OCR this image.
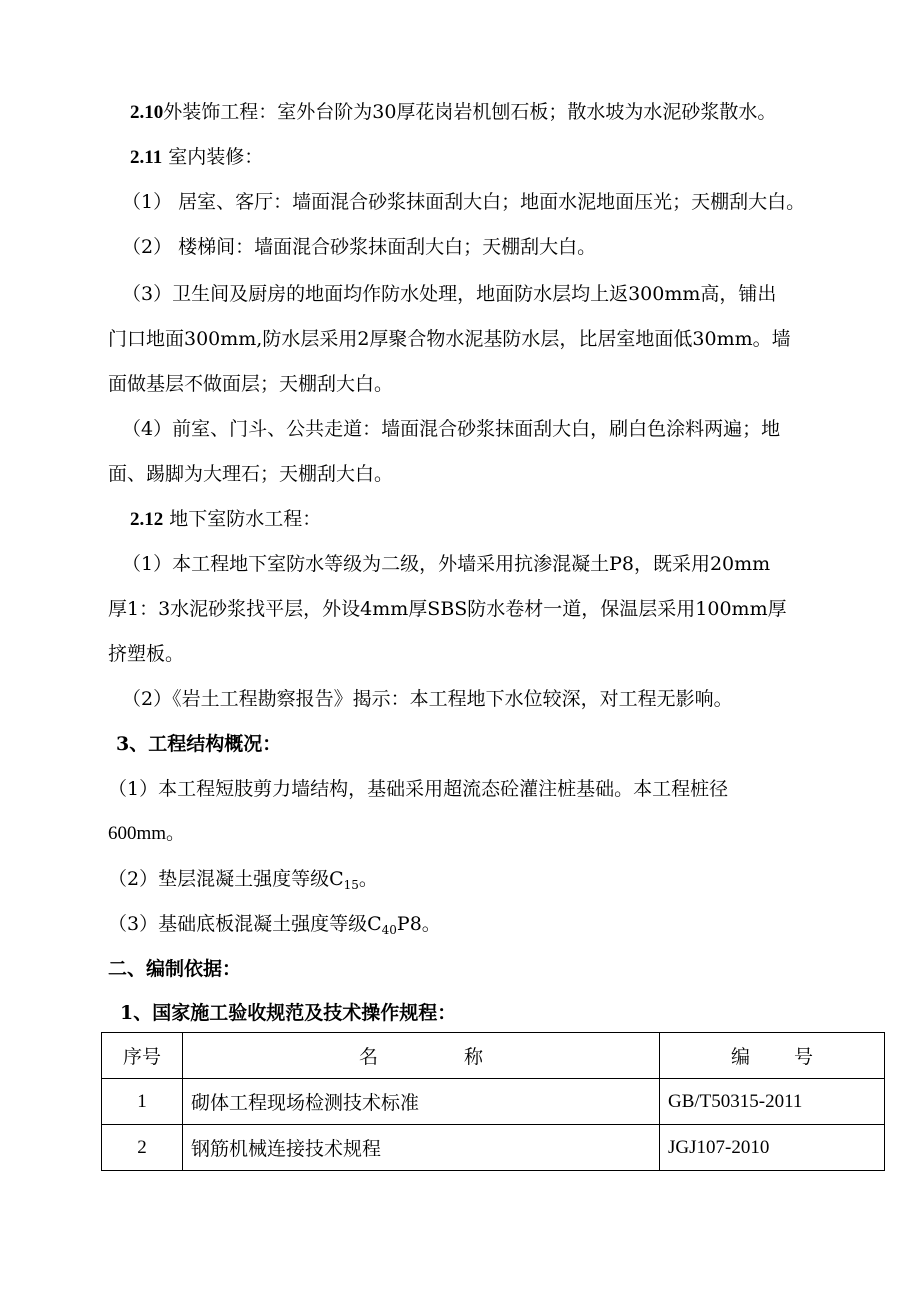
2.10外装饰工程：室外台阶为30厚花岗岩机刨石板；散水坡为水泥砂浆散水。
2.11 室内装修：
（1） 居室、客厅：墙面混合砂浆抹面刮大白；地面水泥地面压光；天棚刮大白。
（2） 楼梯间：墙面混合砂浆抹面刮大白；天棚刮大白。
（3）卫生间及厨房的地面均作防水处理，地面防水层均上返300mm高，铺出
门口地面300mm,防水层采用2厚聚合物水泥基防水层，比居室地面低30mm。墙
面做基层不做面层；天棚刮大白。
（4）前室、门斗、公共走道：墙面混合砂浆抹面刮大白，刷白色涂料两遍；地
面、踢脚为大理石；天棚刮大白。
2.12 地下室防水工程：
（1）本工程地下室防水等级为二级，外墙采用抗渗混凝土P8，既采用20mm
厚1：3水泥砂浆找平层，外设4mm厚SBS防水卷材一道，保温层采用100mm厚
挤塑板。
（2）《岩土工程勘察报告》揭示：本工程地下水位较深，对工程无影响。
3、工程结构概况：
（1）本工程短肢剪力墙结构，基础采用超流态砼灌注桩基础。本工程桩径
600mm。
（2）垫层混凝土强度等级$C_{15}$。
（3）基础底板混凝土强度等级$C_{40}P8$。
二、编制依据：
1、国家施工验收规范及技术操作规程：
序号	名 称	编 号
1	砌体工程现场检测技术标准	GB/T50315-2011
2	钢筋机械连接技术规程	JGJ107-2010
